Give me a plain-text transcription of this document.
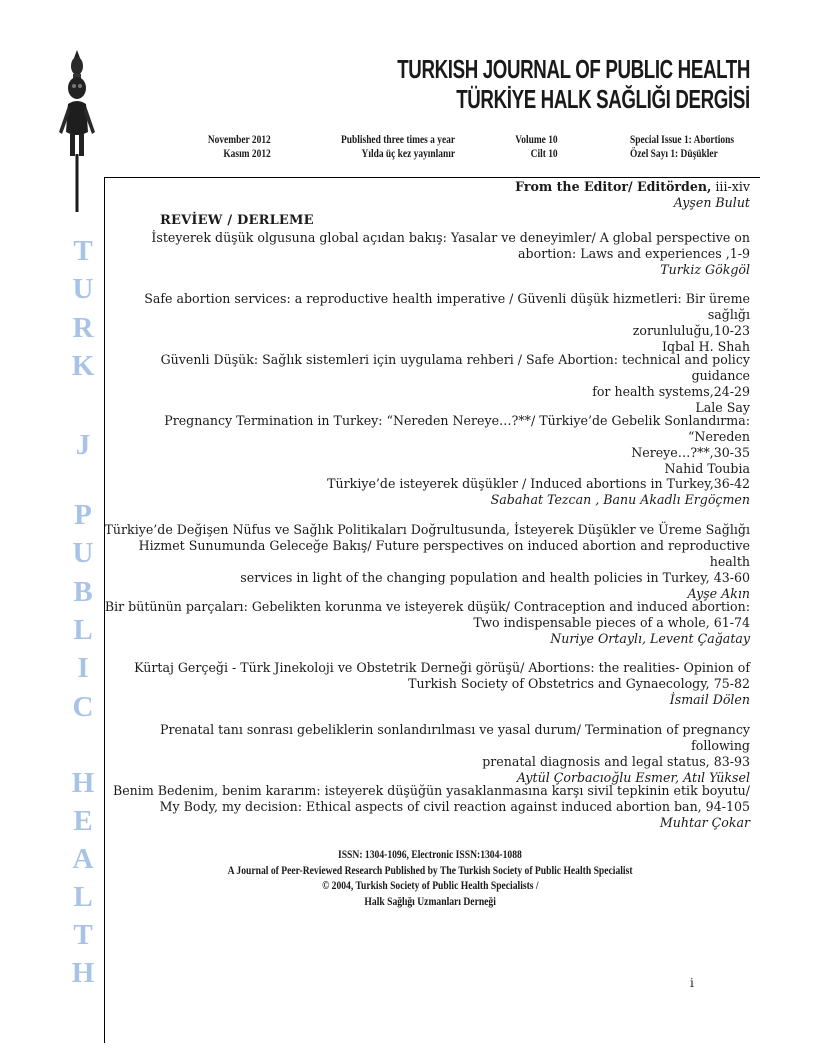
TURKISH JOURNAL OF PUBLIC HEALTH
TÜRKİYE HALK SAĞLIĞI DERGİSİ
November 2012
Kasım 2012
Published three times a year
Yılda üç kez yayınlanır
Volume 10
Cilt 10
Special Issue 1: Abortions
Özel Sayı 1: Düşükler
T
U
R
K
J
P
U
B
L
I
C
H
E
A
L
T
H
From the Editor/ Editörden, iii-xiv
Ayşen Bulut
REVİEW / DERLEME
İsteyerek düşük olgusuna global açıdan bakış: Yasalar ve deneyimler/ A global perspective on
abortion: Laws and experiences ,1-9
Turkiz Gökgöl
Safe abortion services: a reproductive health imperative / Güvenli düşük hizmetleri: Bir üreme sağlığı
zorunluluğu,10-23
Iqbal H. Shah
Güvenli Düşük: Sağlık sistemleri için uygulama rehberi / Safe Abortion: technical and policy guidance
for health systems,24-29
Lale Say
Pregnancy Termination in Turkey: “Nereden Nereye…?**/ Türkiye’de Gebelik Sonlandırma: “Nereden
Nereye…?**,30-35
Nahid Toubia
Türkiye’de isteyerek düşükler / Induced abortions in Turkey,36-42
Sabahat Tezcan , Banu Akadlı Ergöçmen
Türkiye’de Değişen Nüfus ve Sağlık Politikaları Doğrultusunda, İsteyerek Düşükler ve Üreme Sağlığı
Hizmet Sunumunda Geleceğe Bakış/ Future perspectives on induced abortion and reproductive health
services in light of the changing population and health policies in Turkey, 43-60
Ayşe Akın
Bir bütünün parçaları: Gebelikten korunma ve isteyerek düşük/ Contraception and induced abortion:
Two indispensable pieces of a whole, 61-74
Nuriye Ortaylı, Levent Çağatay
Kürtaj Gerçeği - Türk Jinekoloji ve Obstetrik Derneği görüşü/ Abortions: the realities- Opinion of
Turkish Society of Obstetrics and Gynaecology, 75-82
İsmail Dölen
Prenatal tanı sonrası gebeliklerin sonlandırılması ve yasal durum/ Termination of pregnancy following
prenatal diagnosis and legal status, 83-93
Aytül Çorbacıoğlu Esmer, Atıl Yüksel
Benim Bedenim, benim kararım: isteyerek düşüğün yasaklanmasına karşı sivil tepkinin etik boyutu/
My Body, my decision: Ethical aspects of civil reaction against induced abortion ban, 94-105
Muhtar Çokar
ISSN: 1304-1096, Electronic ISSN:1304-1088
A Journal of Peer-Reviewed Research Published by The Turkish Society of Public Health Specialist
© 2004, Turkish Society of Public Health Specialists /
Halk Sağlığı Uzmanları Derneği
i
